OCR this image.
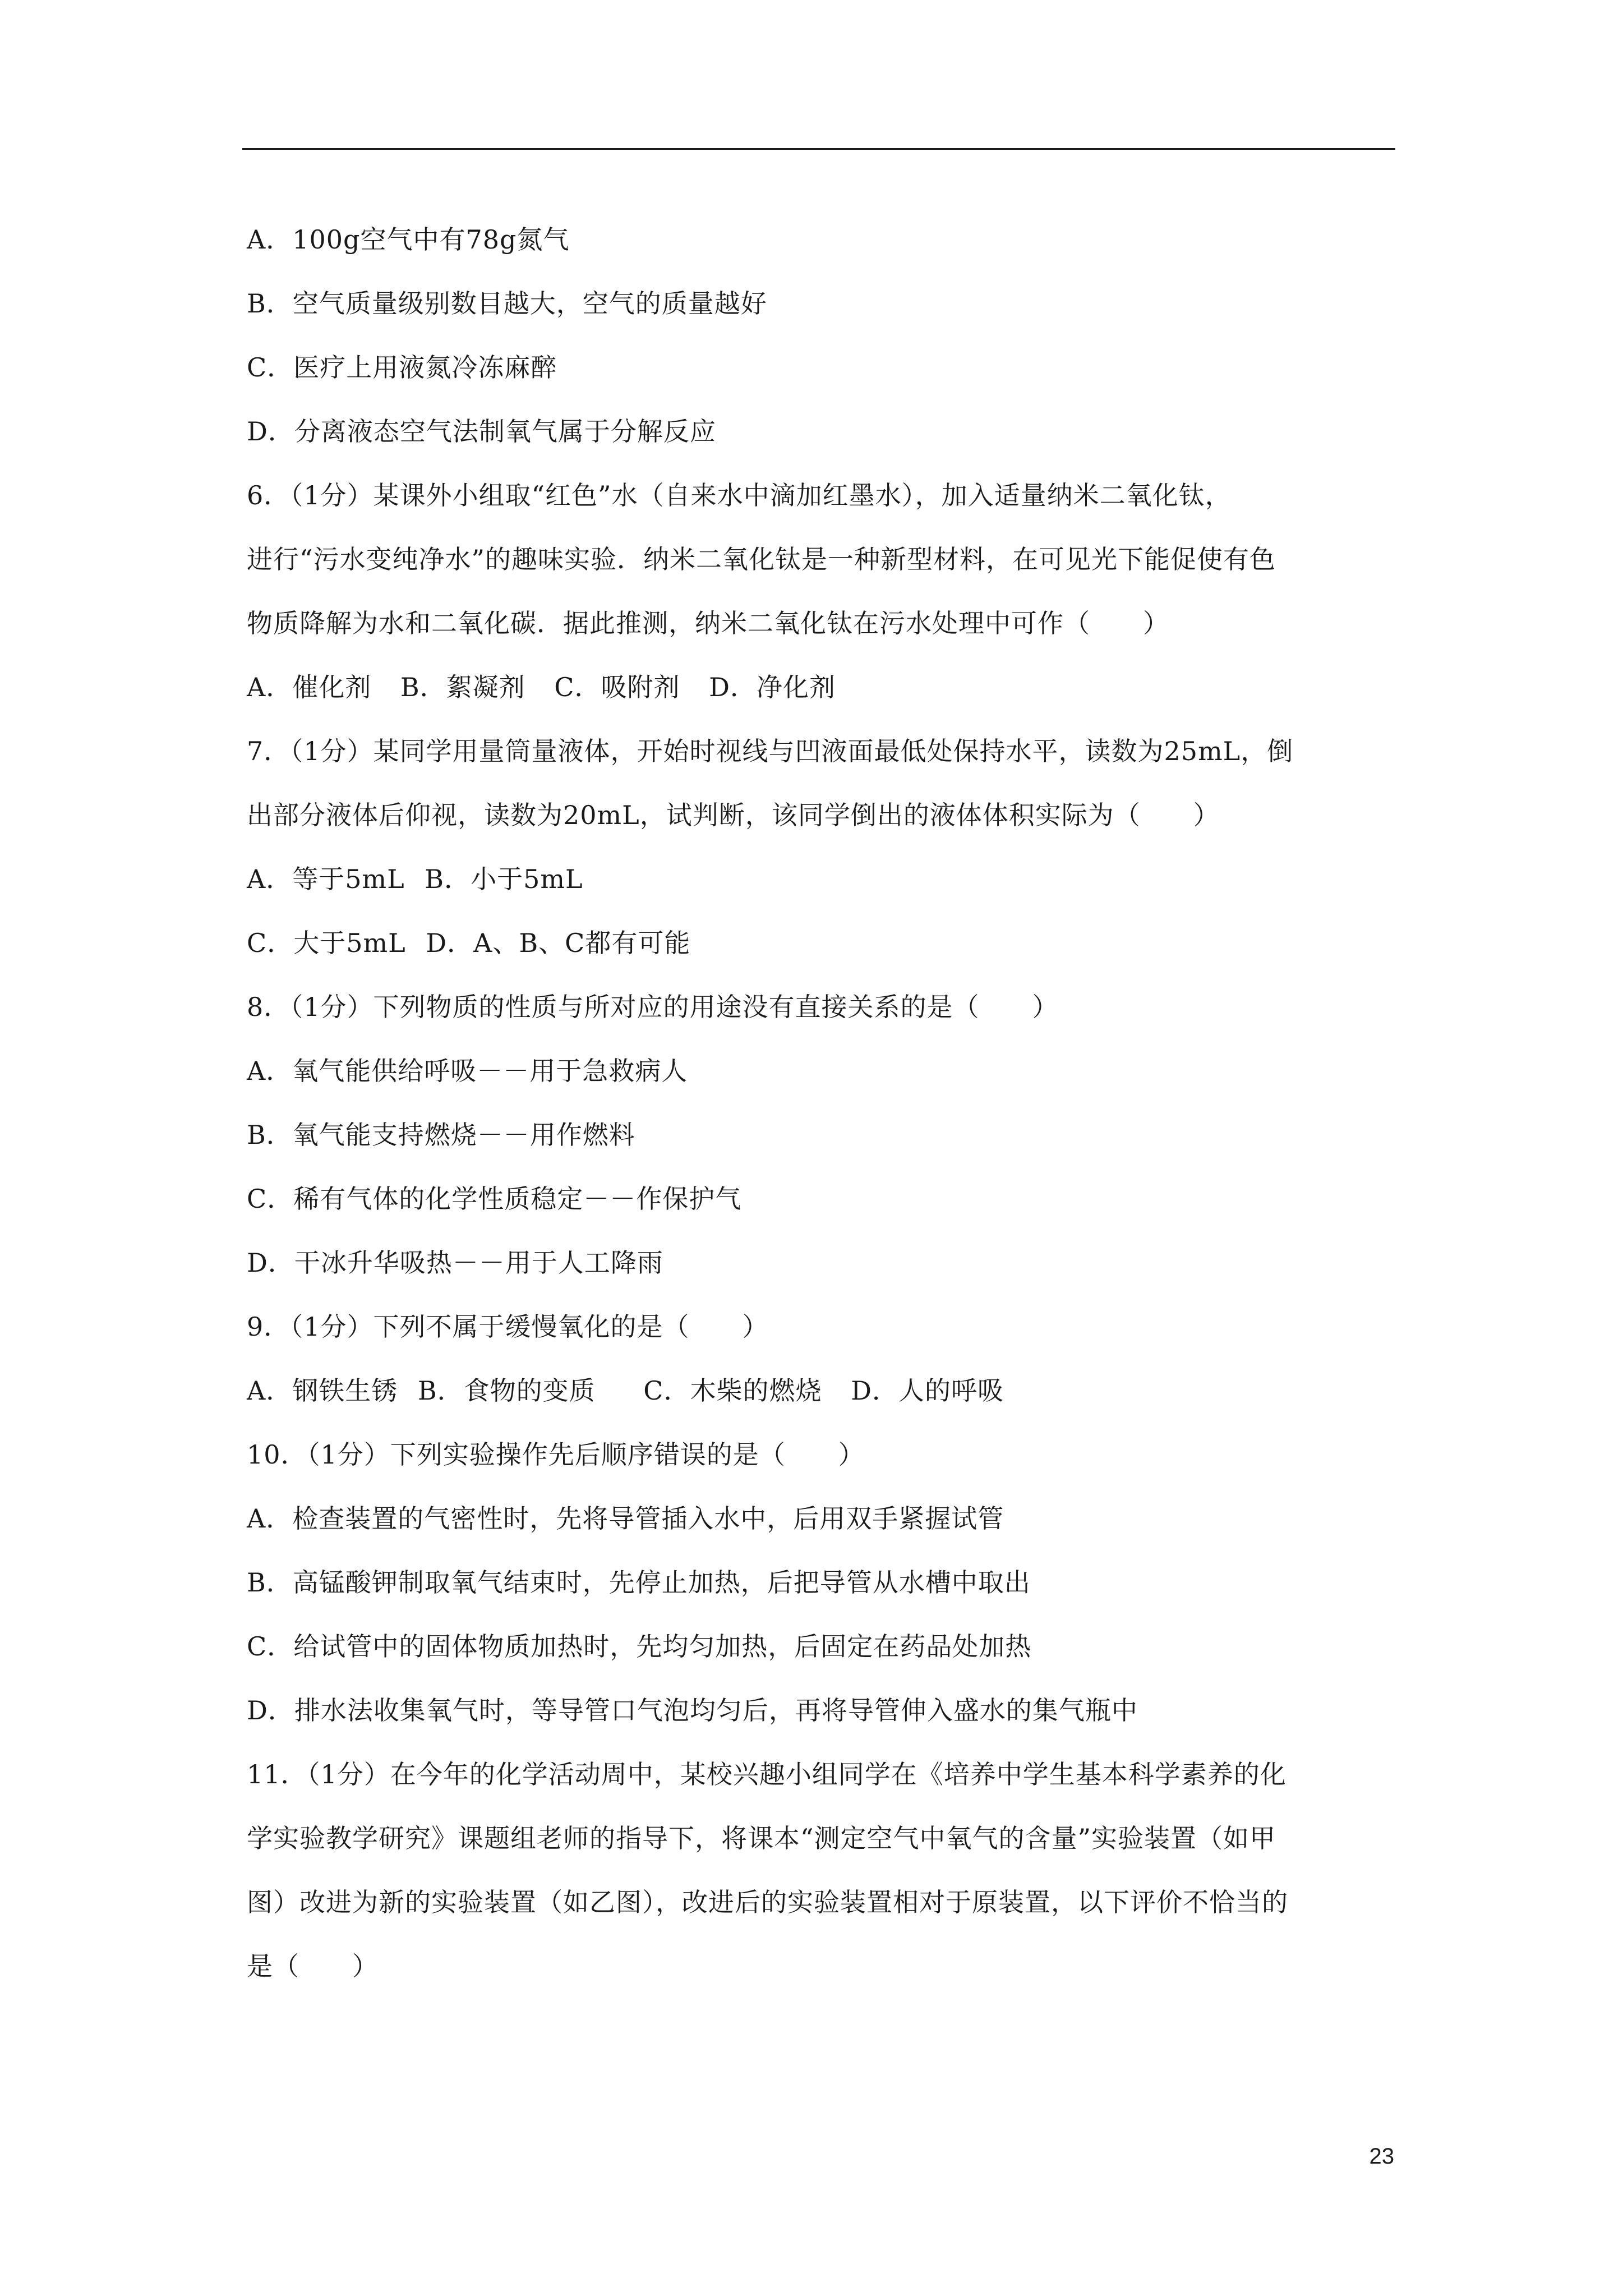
A．100g空气中有78g氮气
B．空气质量级别数目越大，空气的质量越好
C．医疗上用液氮冷冻麻醉
D．分离液态空气法制氧气属于分解反应
6．（1分）某课外小组取“红色”水（自来水中滴加红墨水），加入适量纳米二氧化钛，
进行“污水变纯净水”的趣味实验．纳米二氧化钛是一种新型材料，在可见光下能促使有色
物质降解为水和二氧化碳．据此推测，纳米二氧化钛在污水处理中可作（　　）
A．催化剂 B．絮凝剂 C．吸附剂 D．净化剂
7．（1分）某同学用量筒量液体，开始时视线与凹液面最低处保持水平，读数为25mL，倒
出部分液体后仰视，读数为20mL，试判断，该同学倒出的液体体积实际为（　　）
A．等于5mL B．小于5mL
C．大于5mL D．A、B、C都有可能
8．（1分）下列物质的性质与所对应的用途没有直接关系的是（　　）
A．氧气能供给呼吸－－用于急救病人
B．氧气能支持燃烧－－用作燃料
C．稀有气体的化学性质稳定－－作保护气
D．干冰升华吸热－－用于人工降雨
9．（1分）下列不属于缓慢氧化的是（　　）
A．钢铁生锈 B．食物的变质 C．木柴的燃烧 D．人的呼吸
10．（1分）下列实验操作先后顺序错误的是（　　）
A．检查装置的气密性时，先将导管插入水中，后用双手紧握试管
B．高锰酸钾制取氧气结束时，先停止加热，后把导管从水槽中取出
C．给试管中的固体物质加热时，先均匀加热，后固定在药品处加热
D．排水法收集氧气时，等导管口气泡均匀后，再将导管伸入盛水的集气瓶中
11．（1分）在今年的化学活动周中，某校兴趣小组同学在《培养中学生基本科学素养的化
学实验教学研究》课题组老师的指导下，将课本“测定空气中氧气的含量”实验装置（如甲
图）改进为新的实验装置（如乙图），改进后的实验装置相对于原装置，以下评价不恰当的
是（　　）
23
